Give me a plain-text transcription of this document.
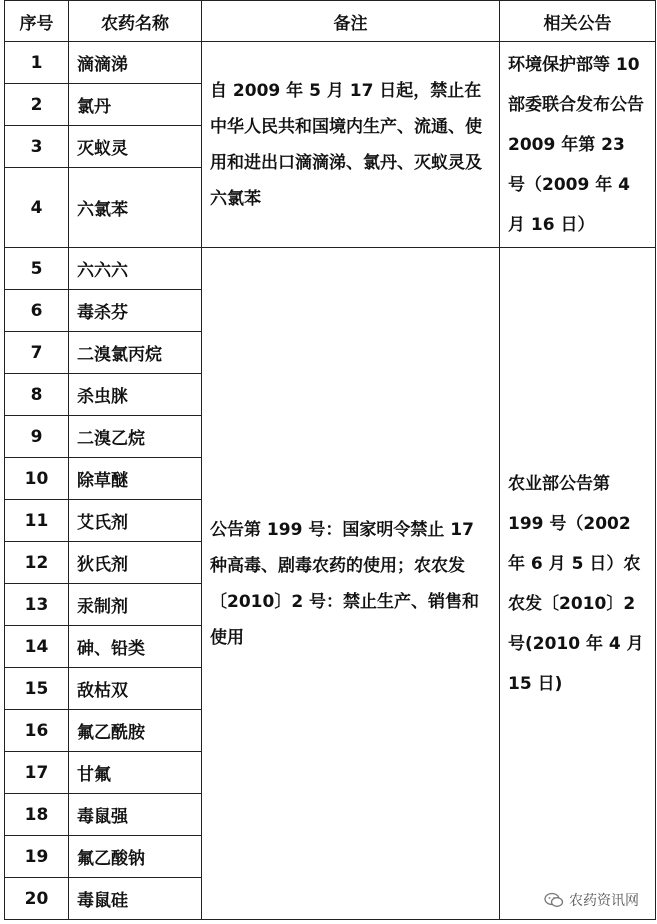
序号	农药名称	备注	相关公告
1	滴滴涕	自 2009 年 5 月 17 日起，禁止在中华人民共和国境内生产、流通、使用和进出口滴滴涕、氯丹、灭蚁灵及六氯苯	环境保护部等 10 部委联合发布公告 2009 年第 23 号（2009 年 4 月 16 日）
2	氯丹		
3	灭蚁灵		
4	六氯苯		
5	六六六	公告第 199 号：国家明令禁止 17 种高毒、剧毒农药的使用；农农发〔2010〕2 号：禁止生产、销售和使用	农业部公告第 199 号（2002 年 6 月 5 日）农农发〔2010〕2 号(2010 年 4 月 15 日)
6	毒杀芬		
7	二溴氯丙烷		
8	杀虫脒		
9	二溴乙烷		
10	除草醚		
11	艾氏剂		
12	狄氏剂		
13	汞制剂		
14	砷、铅类		
15	敌枯双		
16	氟乙酰胺		
17	甘氟		
18	毒鼠强		
19	氟乙酸钠		
20	毒鼠硅			农药资讯网
